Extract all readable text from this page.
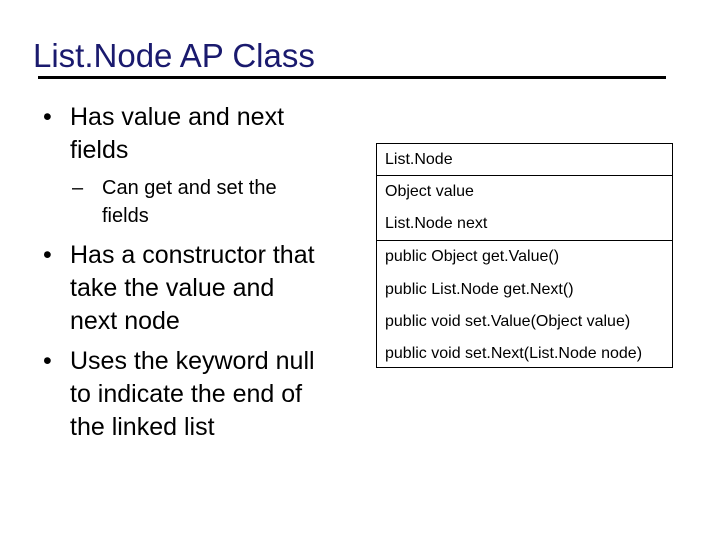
List.Node AP Class
• Has value and next
fields
– Can get and set the
fields
• Has a constructor that
take the value and
next node
• Uses the keyword null
to indicate the end of
the linked list
List.Node
Object value
List.Node next
public Object get.Value()
public List.Node get.Next()
public void set.Value(Object value)
public void set.Next(List.Node node)
